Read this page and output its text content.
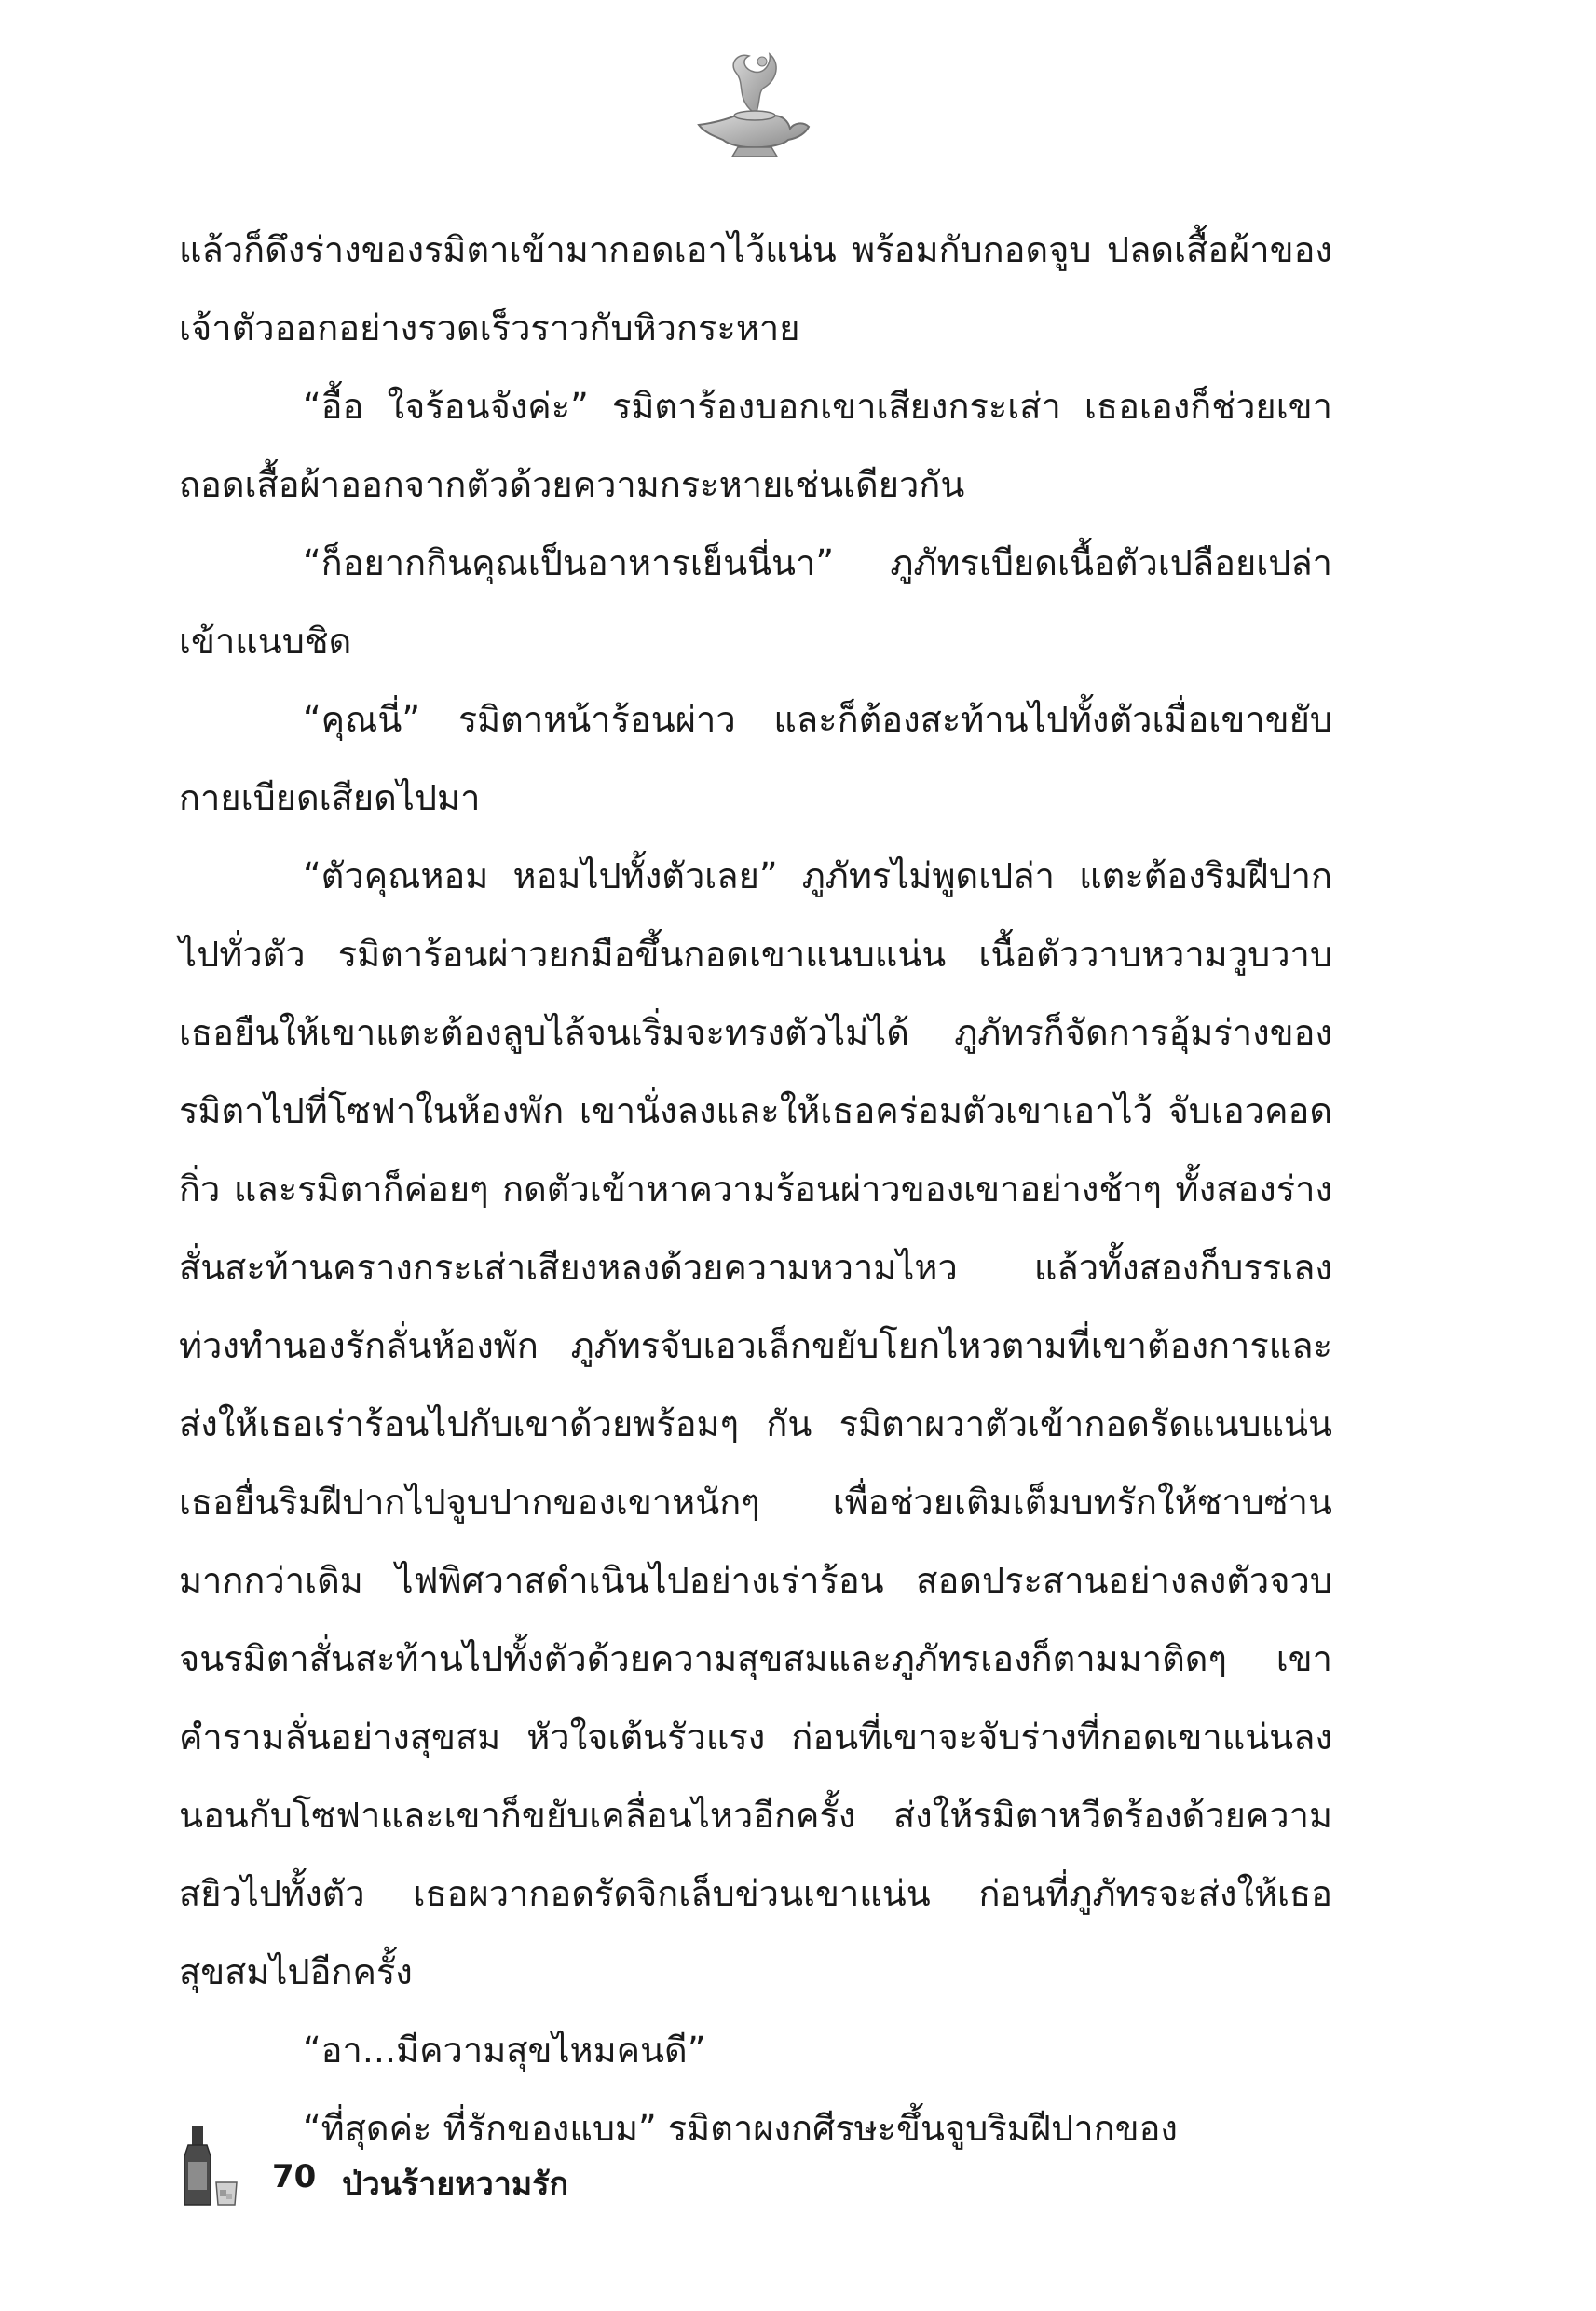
แล้วก็ดึงร่างของรมิตาเข้ามากอดเอาไว้แน่น พร้อมกับกอดจูบ ปลดเสื้อผ้าของเจ้าตัวออกอย่างรวดเร็วราวกับหิวกระหาย

“อื้อ ใจร้อนจังค่ะ” รมิตาร้องบอกเขาเสียงกระเส่า เธอเองก็ช่วยเขาถอดเสื้อผ้าออกจากตัวด้วยความกระหายเช่นเดียวกัน

“ก็อยากกินคุณเป็นอาหารเย็นนี่นา” ภูภัทรเบียดเนื้อตัวเปลือยเปล่าเข้าแนบชิด

“คุณนี่” รมิตาหน้าร้อนผ่าว และก็ต้องสะท้านไปทั้งตัวเมื่อเขาขยับกายเบียดเสียดไปมา

“ตัวคุณหอม หอมไปทั้งตัวเลย” ภูภัทรไม่พูดเปล่า แตะต้องริมฝีปากไปทั่วตัว รมิตาร้อนผ่าวยกมือขึ้นกอดเขาแนบแน่น เนื้อตัววาบหวามวูบวาบ เธอยืนให้เขาแตะต้องลูบไล้จนเริ่มจะทรงตัวไม่ได้ ภูภัทรก็จัดการอุ้มร่างของรมิตาไปที่โซฟาในห้องพัก เขานั่งลงและให้เธอคร่อมตัวเขาเอาไว้ จับเอวคอดกิ่ว และรมิตาก็ค่อยๆ กดตัวเข้าหาความร้อนผ่าวของเขาอย่างช้าๆ ทั้งสองร่างสั่นสะท้านครางกระเส่าเสียงหลงด้วยความหวามไหว แล้วทั้งสองก็บรรเลงท่วงทำนองรักลั่นห้องพัก ภูภัทรจับเอวเล็กขยับโยกไหวตามที่เขาต้องการและส่งให้เธอเร่าร้อนไปกับเขาด้วยพร้อมๆ กัน รมิตาผวาตัวเข้ากอดรัดแนบแน่น เธอยื่นริมฝีปากไปจูบปากของเขาหนักๆ เพื่อช่วยเติมเต็มบทรักให้ซาบซ่านมากกว่าเดิม ไฟพิศวาสดำเนินไปอย่างเร่าร้อน สอดประสานอย่างลงตัวจวบจนรมิตาสั่นสะท้านไปทั้งตัวด้วยความสุขสมและภูภัทรเองก็ตามมาติดๆ เขาคำรามลั่นอย่างสุขสม หัวใจเต้นรัวแรง ก่อนที่เขาจะจับร่างที่กอดเขาแน่นลงนอนกับโซฟาและเขาก็ขยับเคลื่อนไหวอีกครั้ง ส่งให้รมิตาหวีดร้องด้วยความสยิวไปทั้งตัว เธอผวากอดรัดจิกเล็บข่วนเขาแน่น ก่อนที่ภูภัทรจะส่งให้เธอสุขสมไปอีกครั้ง

“อา...มีความสุขไหมคนดี”

“ที่สุดค่ะ ที่รักของแบม” รมิตาผงกศีรษะขึ้นจูบริมฝีปากของ

70 ป่วนร้ายหวามรัก
